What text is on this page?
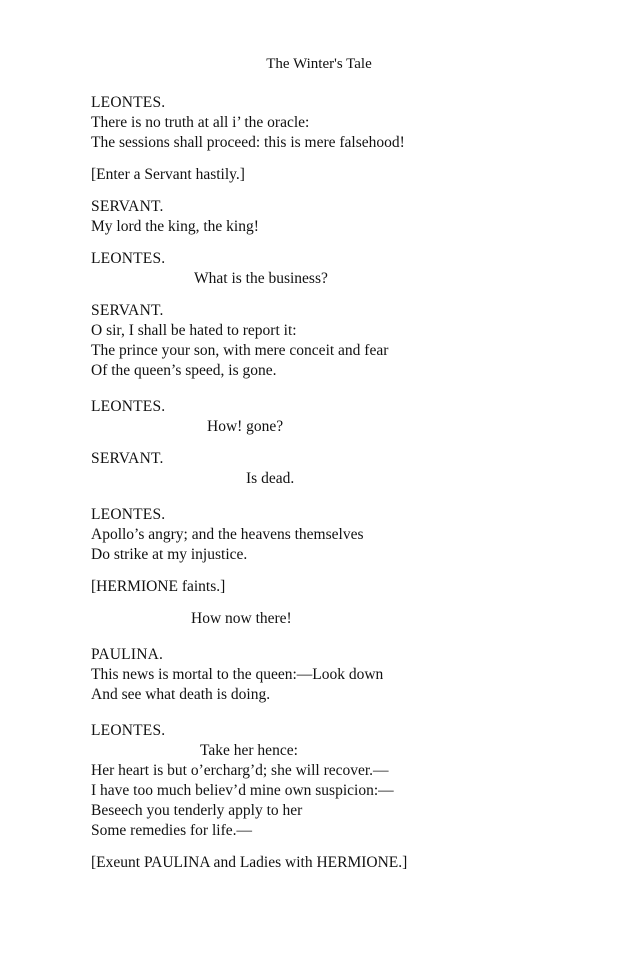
The Winter's Tale
LEONTES.
There is no truth at all i’ the oracle:
The sessions shall proceed: this is mere falsehood!
[Enter a Servant hastily.]
SERVANT.
My lord the king, the king!
LEONTES.
What is the business?
SERVANT.
O sir, I shall be hated to report it:
The prince your son, with mere conceit and fear
Of the queen’s speed, is gone.
LEONTES.
How! gone?
SERVANT.
Is dead.
LEONTES.
Apollo’s angry; and the heavens themselves
Do strike at my injustice.
[HERMIONE faints.]
How now there!
PAULINA.
This news is mortal to the queen:—Look down
And see what death is doing.
LEONTES.
Take her hence:
Her heart is but o’ercharg’d; she will recover.—
I have too much believ’d mine own suspicion:—
Beseech you tenderly apply to her
Some remedies for life.—
[Exeunt PAULINA and Ladies with HERMIONE.]
